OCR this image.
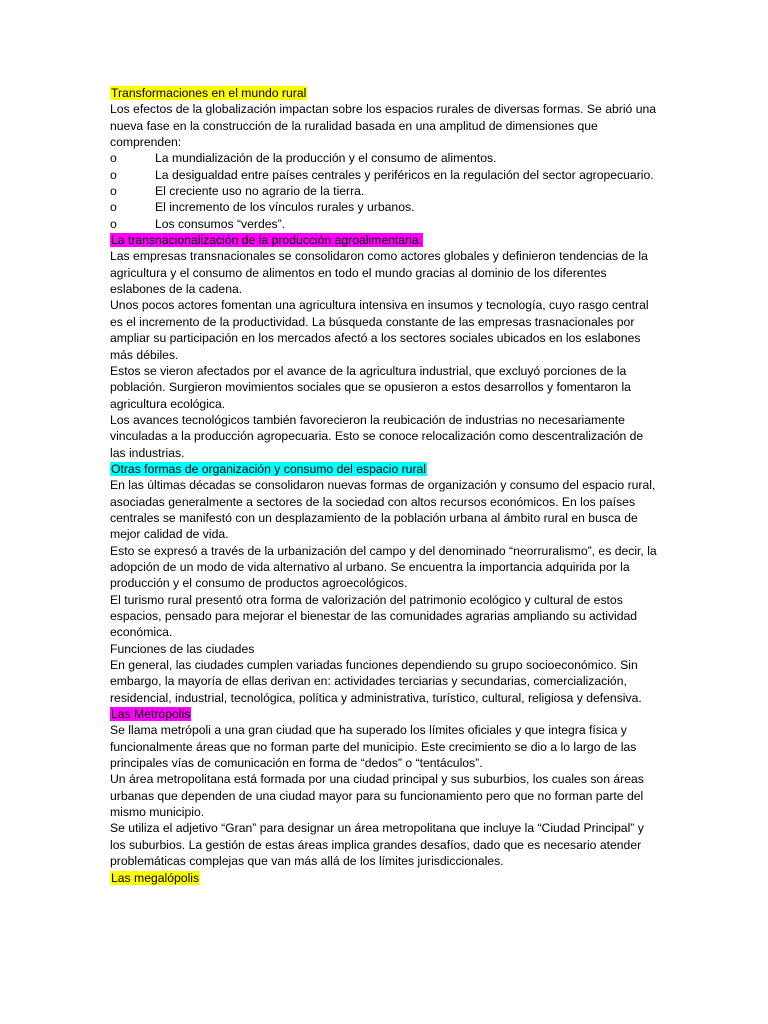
Transformaciones en el mundo rural

Los efectos de la globalización impactan sobre los espacios rurales de diversas formas. Se abrió una nueva fase en la construcción de la ruralidad basada en una amplitud de dimensiones que comprenden:

o	La mundialización de la producción y el consumo de alimentos.

o	La desigualdad entre países centrales y periféricos en la regulación del sector agropecuario.

o	El creciente uso no agrario de la tierra.

o	El incremento de los vínculos rurales y urbanos.

o	Los consumos “verdes”.

La transnacionalización de la producción agroalimentaria.

Las empresas transnacionales se consolidaron como actores globales y definieron tendencias de la agricultura y el consumo de alimentos en todo el mundo gracias al dominio de los diferentes eslabones de la cadena.

Unos pocos actores fomentan una agricultura intensiva en insumos y tecnología, cuyo rasgo central es el incremento de la productividad. La búsqueda constante de las empresas trasnacionales por ampliar su participación en los mercados afectó a los sectores sociales ubicados en los eslabones más débiles.

Estos se vieron afectados por el avance de la agricultura industrial, que excluyó porciones de la población. Surgieron movimientos sociales que se opusieron a estos desarrollos y fomentaron la agricultura ecológica.

Los avances tecnológicos también favorecieron la reubicación de industrias no necesariamente vinculadas a la producción agropecuaria. Esto se conoce relocalización como descentralización de las industrias.

Otras formas de organización y consumo del espacio rural

En las últimas décadas se consolidaron nuevas formas de organización y consumo del espacio rural, asociadas generalmente a sectores de la sociedad con altos recursos económicos. En los países centrales se manifestó con un desplazamiento de la población urbana al ámbito rural en busca de mejor calidad de vida.

Esto se expresó a través de la urbanización del campo y del denominado “neorruralismo”, es decir, la adopción de un modo de vida alternativo al urbano. Se encuentra la importancia adquirida por la producción y el consumo de productos agroecológicos.

El turismo rural presentó otra forma de valorización del patrimonio ecológico y cultural de estos espacios, pensado para mejorar el bienestar de las comunidades agrarias ampliando su actividad económica.

Funciones de las ciudades

En general, las ciudades cumplen variadas funciones dependiendo su grupo socioeconómico. Sin embargo, la mayoría de ellas derivan en: actividades terciarias y secundarias, comercialización, residencial, industrial, tecnológica, política y administrativa, turístico, cultural, religiosa y defensiva.

Las Metrópolis

Se llama metrópoli a una gran ciudad que ha superado los límites oficiales y que integra física y funcionalmente áreas que no forman parte del municipio. Este crecimiento se dio a lo largo de las principales vías de comunicación en forma de “dedos” o “tentáculos”.

Un área metropolitana está formada por una ciudad principal y sus suburbios, los cuales son áreas urbanas que dependen de una ciudad mayor para su funcionamiento pero que no forman parte del mismo municipio.

Se utiliza el adjetivo “Gran” para designar un área metropolitana que incluye la “Ciudad Principal” y los suburbios. La gestión de estas áreas implica grandes desafíos, dado que es necesario atender problemáticas complejas que van más allá de los límites jurisdiccionales.

Las megalópolis
